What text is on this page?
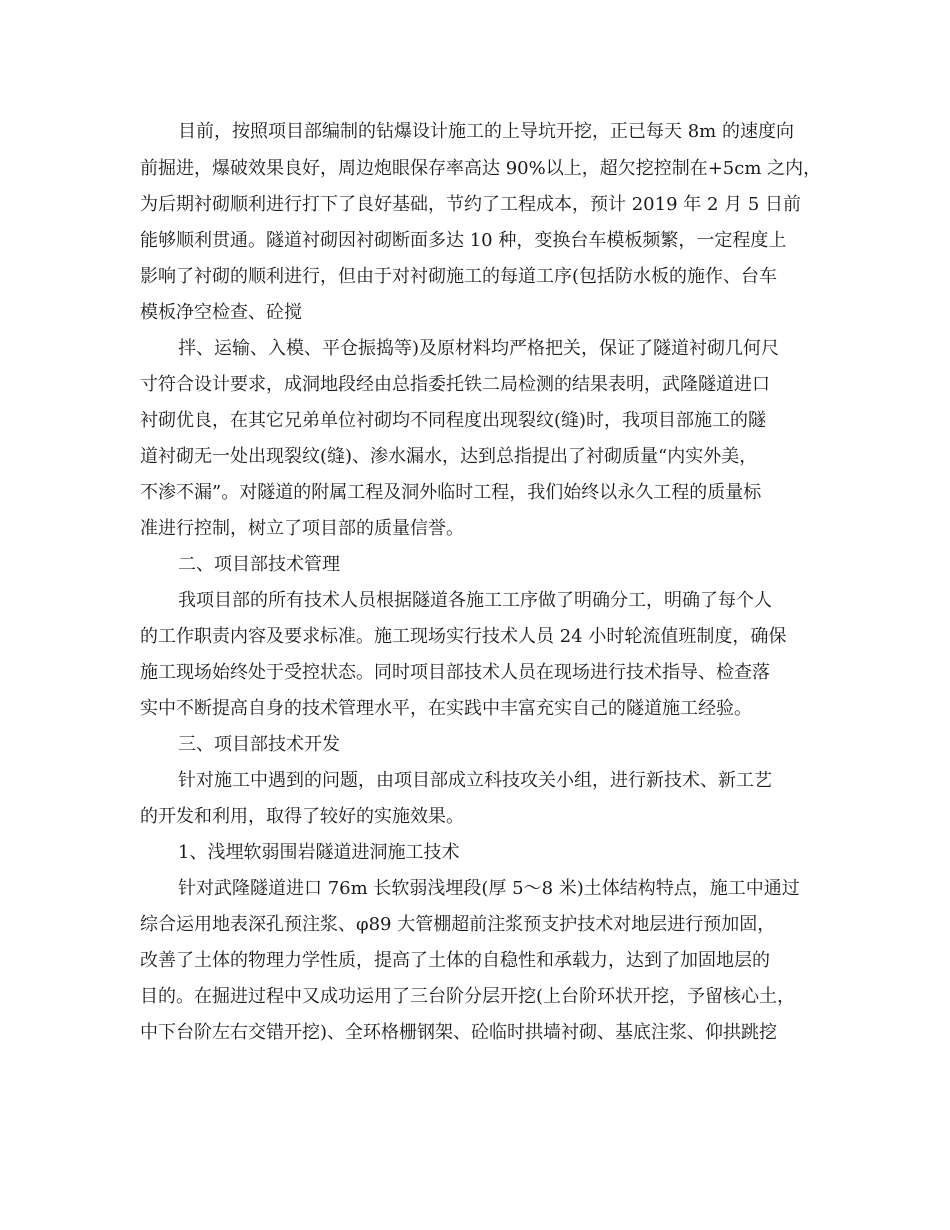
目前，按照项目部编制的钻爆设计施工的上导坑开挖，正已每天 8m 的速度向
前掘进，爆破效果良好，周边炮眼保存率高达 90%以上，超欠挖控制在+5cm 之内，
为后期衬砌顺利进行打下了良好基础，节约了工程成本，预计 2019 年 2 月 5 日前
能够顺利贯通。隧道衬砌因衬砌断面多达 10 种，变换台车模板频繁，一定程度上
影响了衬砌的顺利进行，但由于对衬砌施工的每道工序(包括防水板的施作、台车
模板净空检查、砼搅
拌、运输、入模、平仓振捣等)及原材料均严格把关，保证了隧道衬砌几何尺
寸符合设计要求，成洞地段经由总指委托铁二局检测的结果表明，武隆隧道进口
衬砌优良，在其它兄弟单位衬砌均不同程度出现裂纹(缝)时，我项目部施工的隧
道衬砌无一处出现裂纹(缝)、渗水漏水，达到总指提出了衬砌质量“内实外美，
不渗不漏”。对隧道的附属工程及洞外临时工程，我们始终以永久工程的质量标
准进行控制，树立了项目部的质量信誉。
二、项目部技术管理
我项目部的所有技术人员根据隧道各施工工序做了明确分工，明确了每个人
的工作职责内容及要求标准。施工现场实行技术人员 24 小时轮流值班制度，确保
施工现场始终处于受控状态。同时项目部技术人员在现场进行技术指导、检查落
实中不断提高自身的技术管理水平，在实践中丰富充实自己的隧道施工经验。
三、项目部技术开发
针对施工中遇到的问题，由项目部成立科技攻关小组，进行新技术、新工艺
的开发和利用，取得了较好的实施效果。
1、浅埋软弱围岩隧道进洞施工技术
针对武隆隧道进口 76m 长软弱浅埋段(厚 5～8 米)土体结构特点，施工中通过
综合运用地表深孔预注浆、φ89 大管棚超前注浆预支护技术对地层进行预加固，
改善了土体的物理力学性质，提高了土体的自稳性和承载力，达到了加固地层的
目的。在掘进过程中又成功运用了三台阶分层开挖(上台阶环状开挖，予留核心土，
中下台阶左右交错开挖)、全环格栅钢架、砼临时拱墙衬砌、基底注浆、仰拱跳挖
